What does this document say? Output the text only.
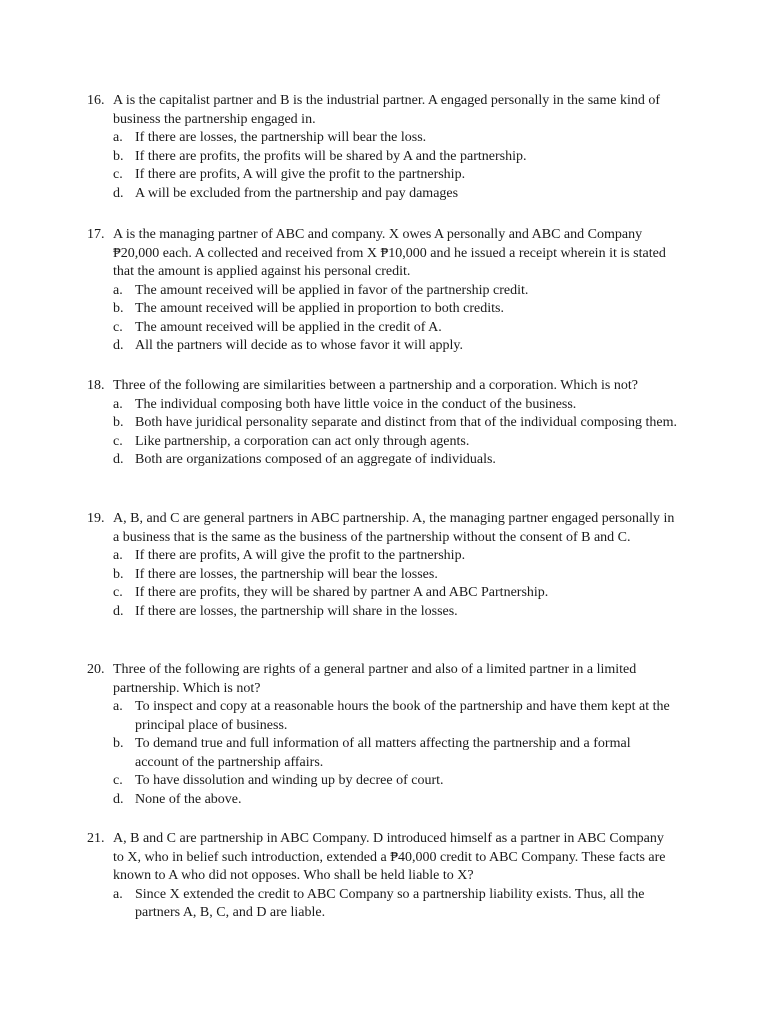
16. A is the capitalist partner and B is the industrial partner. A engaged personally in the same kind of business the partnership engaged in.
a. If there are losses, the partnership will bear the loss.
b. If there are profits, the profits will be shared by A and the partnership.
c. If there are profits, A will give the profit to the partnership.
d. A will be excluded from the partnership and pay damages
17. A is the managing partner of ABC and company. X owes A personally and ABC and Company ₱20,000 each. A collected and received from X ₱10,000 and he issued a receipt wherein it is stated that the amount is applied against his personal credit.
a. The amount received will be applied in favor of the partnership credit.
b. The amount received will be applied in proportion to both credits.
c. The amount received will be applied in the credit of A.
d. All the partners will decide as to whose favor it will apply.
18. Three of the following are similarities between a partnership and a corporation. Which is not?
a. The individual composing both have little voice in the conduct of the business.
b. Both have juridical personality separate and distinct from that of the individual composing them.
c. Like partnership, a corporation can act only through agents.
d. Both are organizations composed of an aggregate of individuals.
19. A, B, and C are general partners in ABC partnership. A, the managing partner engaged personally in a business that is the same as the business of the partnership without the consent of B and C.
a. If there are profits, A will give the profit to the partnership.
b. If there are losses, the partnership will bear the losses.
c. If there are profits, they will be shared by partner A and ABC Partnership.
d. If there are losses, the partnership will share in the losses.
20. Three of the following are rights of a general partner and also of a limited partner in a limited partnership. Which is not?
a. To inspect and copy at a reasonable hours the book of the partnership and have them kept at the principal place of business.
b. To demand true and full information of all matters affecting the partnership and a formal account of the partnership affairs.
c. To have dissolution and winding up by decree of court.
d. None of the above.
21. A, B and C are partnership in ABC Company. D introduced himself as a partner in ABC Company to X, who in belief such introduction, extended a ₱40,000 credit to ABC Company. These facts are known to A who did not opposes. Who shall be held liable to X?
a. Since X extended the credit to ABC Company so a partnership liability exists. Thus, all the partners A, B, C, and D are liable.
